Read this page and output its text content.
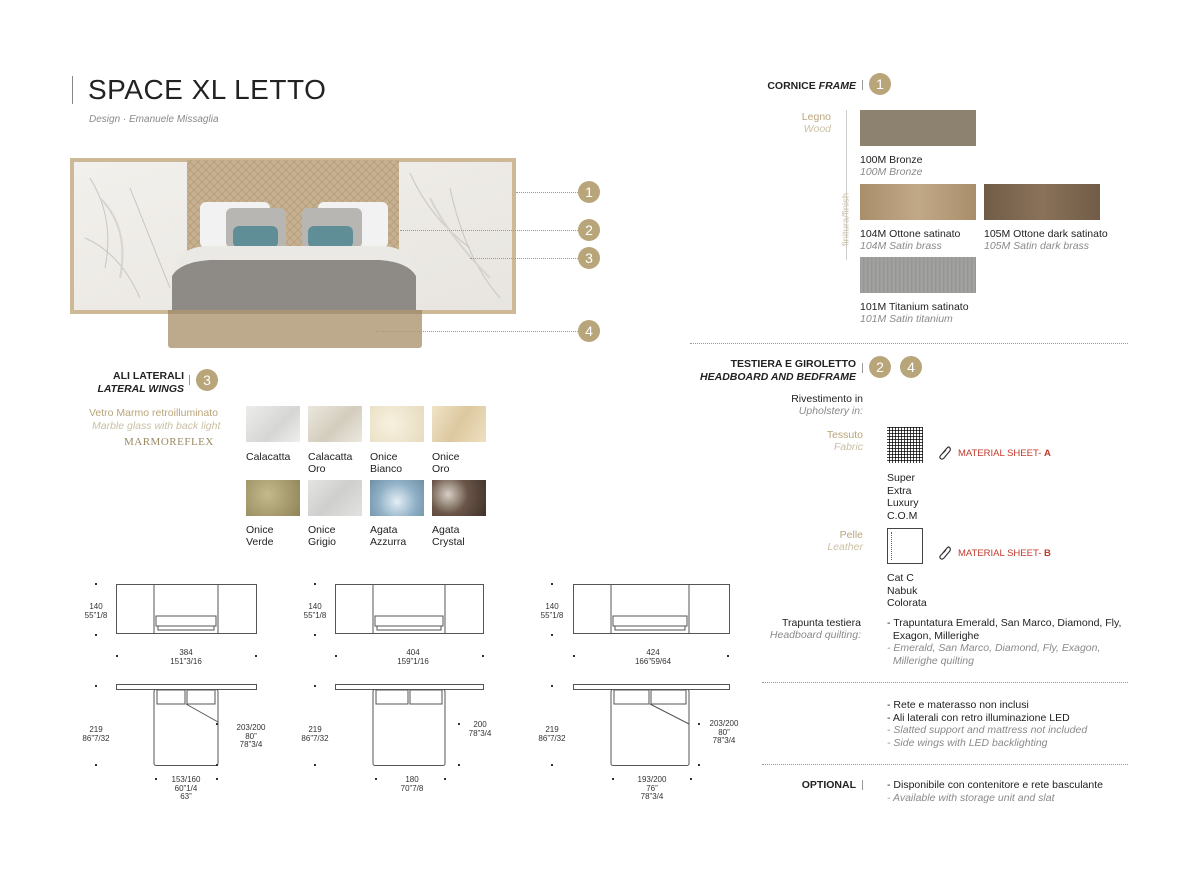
SPACE XL LETTO
Design · Emanuele Missaglia
1
2
3
4
ALI LATERALI
LATERAL WINGS
3
Vetro Marmo retroilluminato
Marble glass with back light
MARMOREFLEX
Calacatta Calacatta
Oro
Onice
Bianco
Onice
Oro
Onice
Verde
Onice
Grigio
Agata
Azzurra
Agata
Crystal
140
55”1/8
384
151”3/16
219
86”7/32
203/200
80”
78”3/4
153/160
60”1/4
63”
140
55”1/8
404
159”1/16
219
86”7/32
200
78”3/4
180
70”7/8
140
55”1/8
424
166”59/64
219
86”7/32
203/200
80”
78”3/4
193/200
76”
78”3/4
CORNICE FRAME	1
Legno
Wood
finitura/finish
100M Bronze
100M Bronze
104M Ottone satinato
104M Satin brass
105M Ottone dark satinato
105M Satin dark brass
101M Titanium satinato
101M Satin titanium
TESTIERA E GIROLETTO
HEADBOARD AND BEDFRAME
2	4
Rivestimento in
Upholstery in:
Tessuto
Fabric
MATERIAL SHEET- A
Super
Extra
Luxury
C.O.M
Pelle
Leather
MATERIAL SHEET- B
Cat C
Nabuk
Colorata
Trapunta testiera
Headboard quilting:
- Trapuntatura Emerald, San Marco, Diamond, Fly,
Exagon, Millerighe
- Emerald, San Marco, Diamond, Fly, Exagon,
Millerighe quilting
- Rete e materasso non inclusi
- Ali laterali con retro illuminazione LED
- Slatted support and mattress not included
- Side wings with LED backlighting
OPTIONAL	- Disponibile con contenitore e rete basculante
- Available with storage unit and slat
